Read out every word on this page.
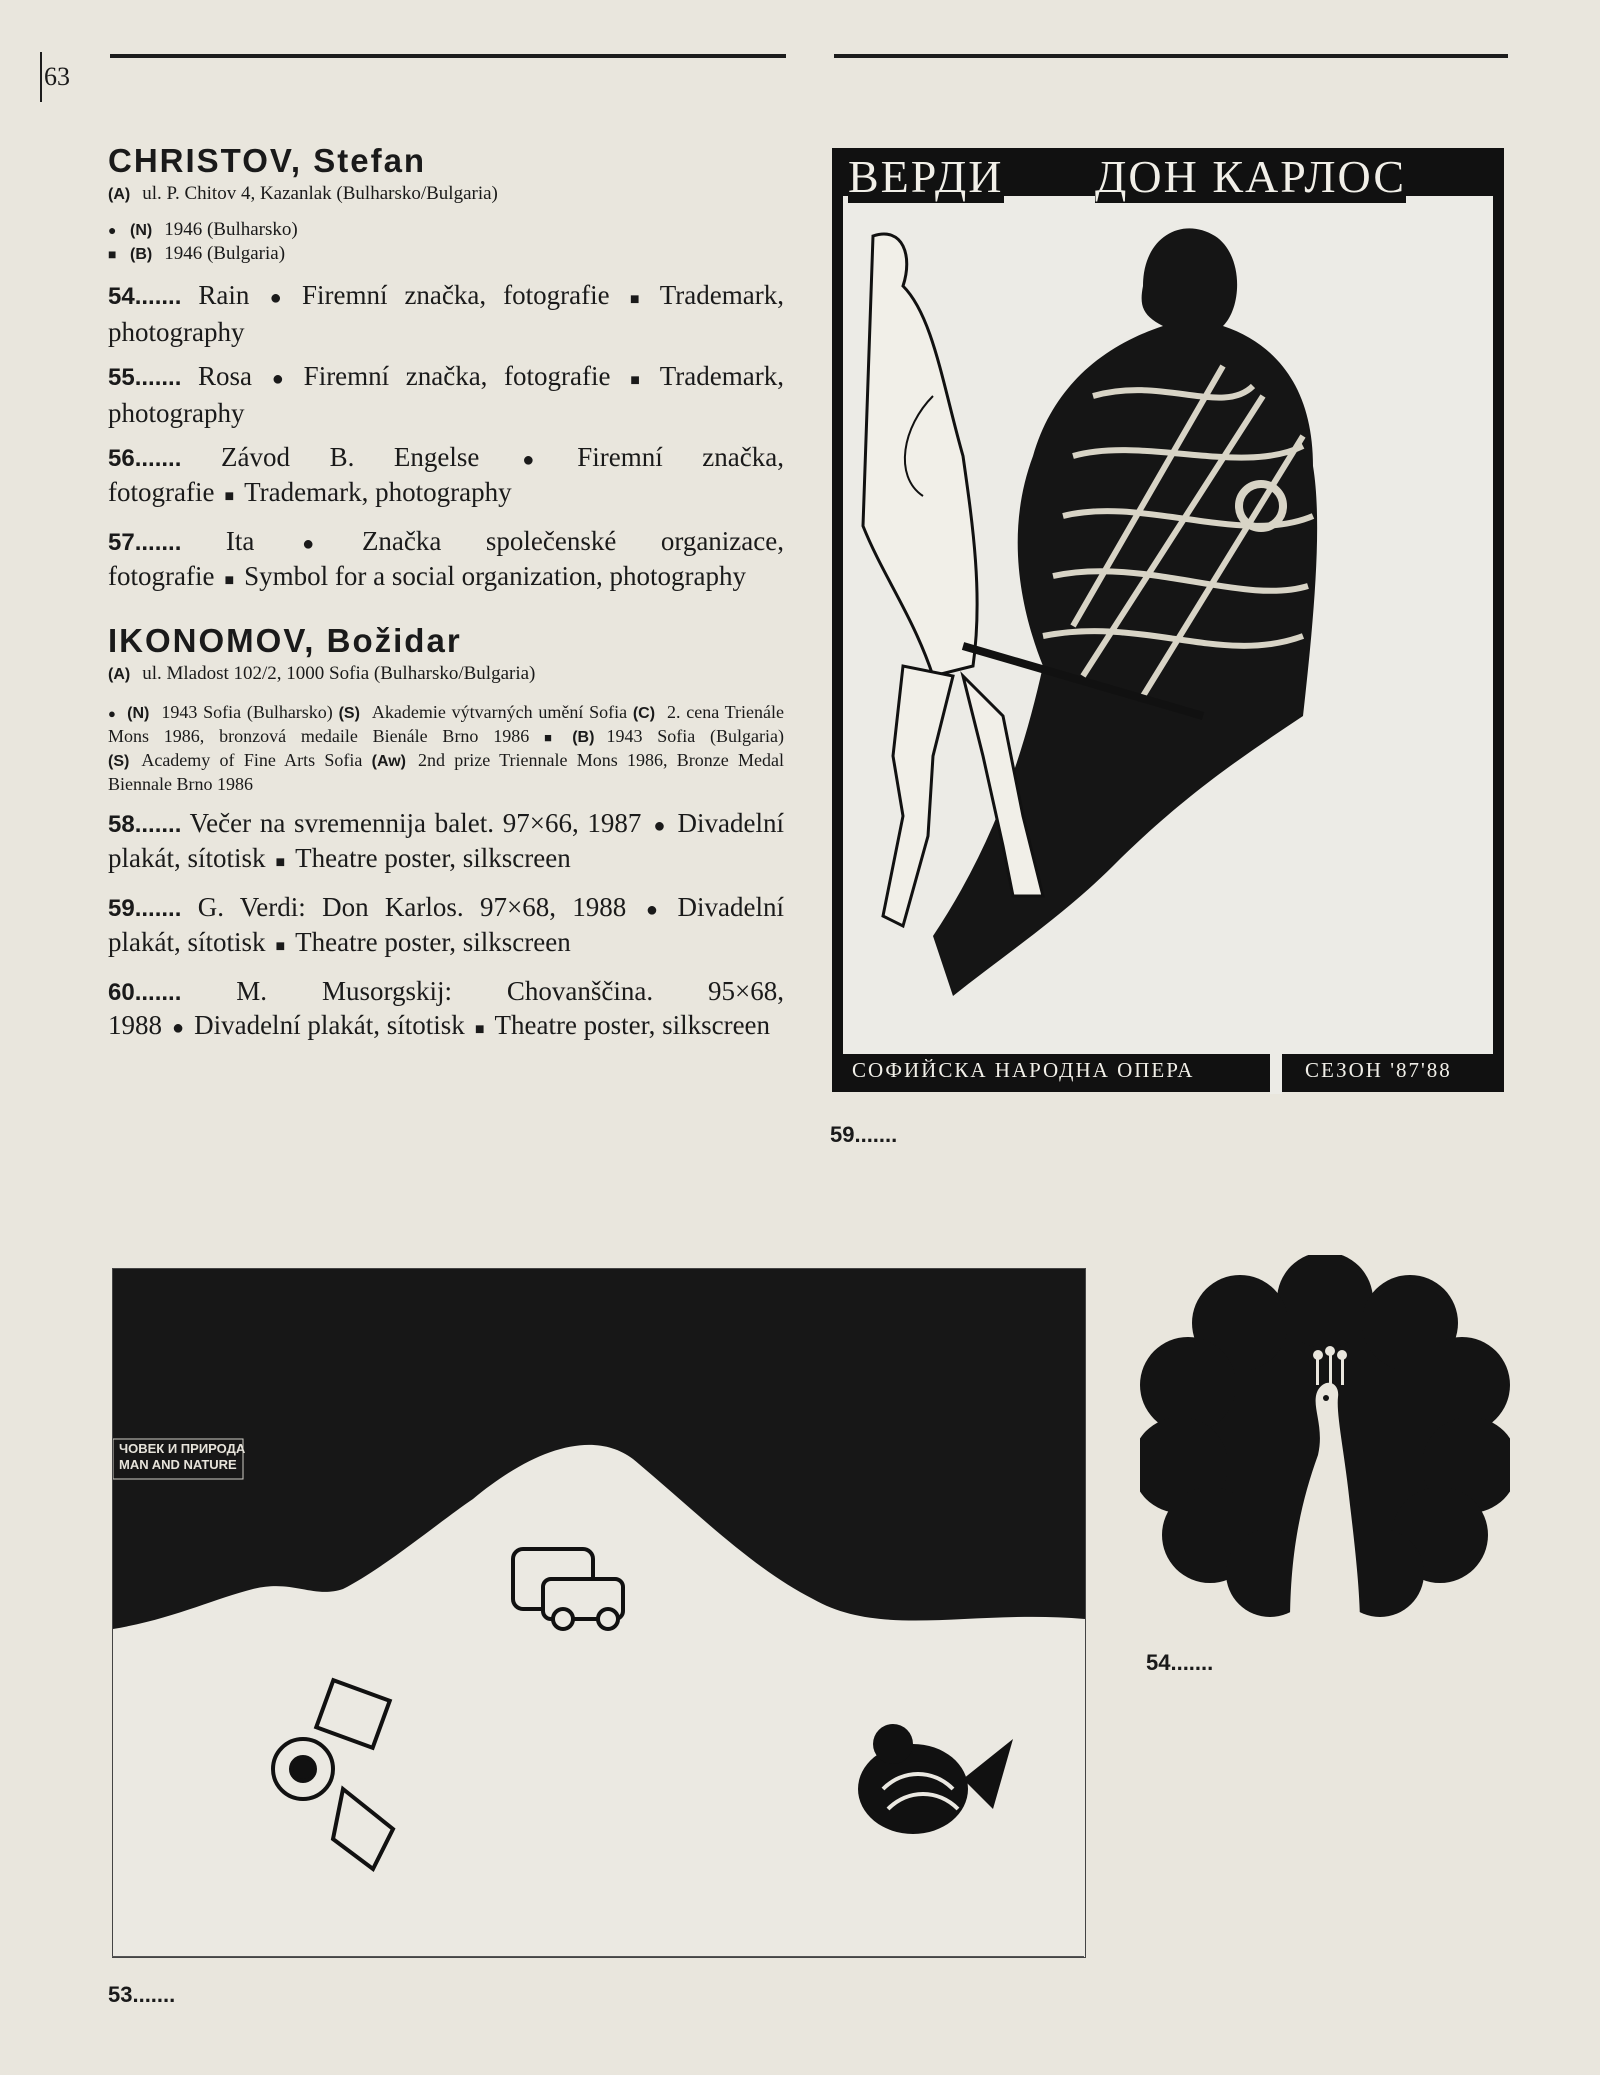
63
CHRISTOV, Stefan
(A) ul. P. Chitov 4, Kazanlak (Bulharsko/Bulgaria)
● (N) 1946 (Bulharsko)
■ (B) 1946 (Bulgaria)
54....... Rain ● Firemní značka, fotografie ■ Trademark, photography
55....... Rosa ● Firemní značka, fotografie ■ Trademark, photography
56....... Závod B. Engelse ● Firemní značka, fotografie ■ Trademark, photography
57....... Ita ● Značka společenské organizace, fotografie ■ Symbol for a social organization, photography
IKONOMOV, Božidar
(A) ul. Mladost 102/2, 1000 Sofia (Bulharsko/Bulgaria)
● (N) 1943 Sofia (Bulharsko) (S) Akademie výtvarných umění Sofia (C) 2. cena Trienále Mons 1986, bronzová medaile Bienále Brno 1986 ■ (B) 1943 Sofia (Bulgaria) (S) Academy of Fine Arts Sofia (Aw) 2nd prize Triennale Mons 1986, Bronze Medal Biennale Brno 1986
58....... Večer na svremennija balet. 97×66, 1987 ● Divadelní plakát, sítotisk ■ Theatre poster, silkscreen
59....... G. Verdi: Don Karlos. 97×68, 1988 ● Divadelní plakát, sítotisk ■ Theatre poster, silkscreen
60....... M. Musorgskij: Chovanščina. 95×68, 1988 ● Divadelní plakát, sítotisk ■ Theatre poster, silkscreen
ВЕРДИ ДОН КАРЛОС
СОФИЙСКА НАРОДНА ОПЕРА	СЕЗОН '87'88
59.......
ЧОВЕК И ПРИРОДА
MAN AND NATURE
53.......
54.......
